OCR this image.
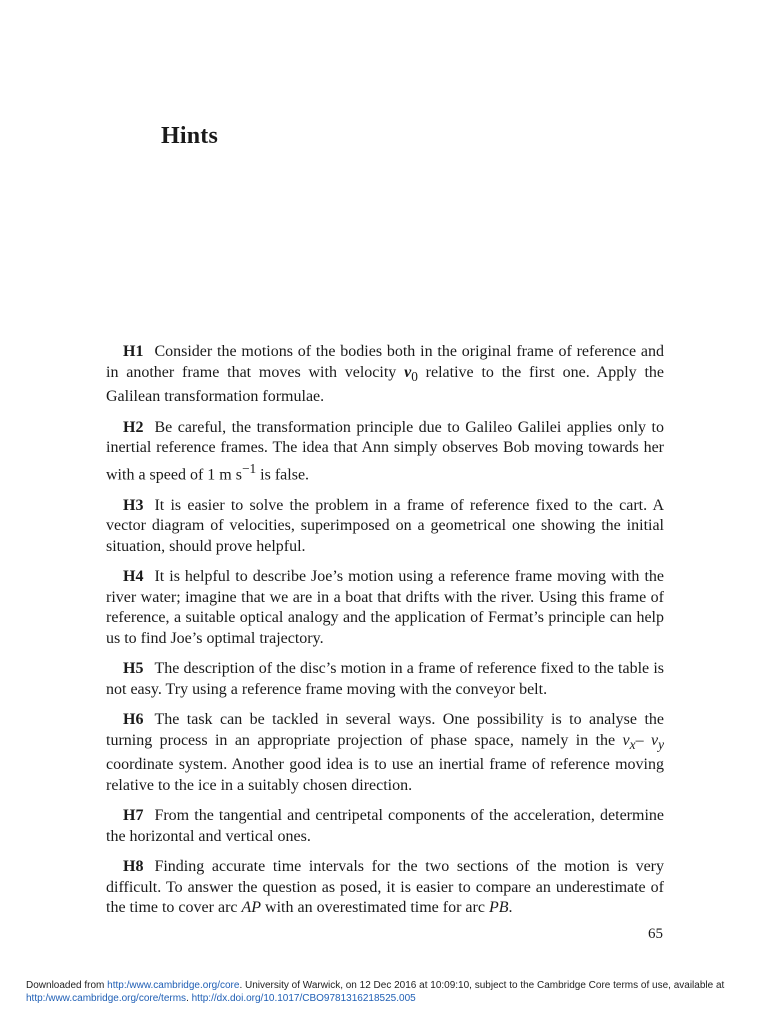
Hints

H1 Consider the motions of the bodies both in the original frame of reference and in another frame that moves with velocity $v_0$ relative to the first one. Apply the Galilean transformation formulae.

H2 Be careful, the transformation principle due to Galileo Galilei applies only to inertial reference frames. The idea that Ann simply observes Bob moving towards her with a speed of 1 m $s^{-1}$ is false.

H3 It is easier to solve the problem in a frame of reference fixed to the cart. A vector diagram of velocities, superimposed on a geometrical one showing the initial situation, should prove helpful.

H4 It is helpful to describe Joe’s motion using a reference frame moving with the river water; imagine that we are in a boat that drifts with the river. Using this frame of reference, a suitable optical analogy and the application of Fermat’s principle can help us to find Joe’s optimal trajectory.

H5 The description of the disc’s motion in a frame of reference fixed to the table is not easy. Try using a reference frame moving with the conveyor belt.

H6 The task can be tackled in several ways. One possibility is to analyse the turning process in an appropriate projection of phase space, namely in the $v_x-$ $v_y$ coordinate system. Another good idea is to use an inertial frame of reference moving relative to the ice in a suitably chosen direction.

H7 From the tangential and centripetal components of the acceleration, determine the horizontal and vertical ones.

H8 Finding accurate time intervals for the two sections of the motion is very difficult. To answer the question as posed, it is easier to compare an underestimate of the time to cover arc AP with an overestimated time for arc PB.

65
Downloaded from http:/www.cambridge.org/core. University of Warwick, on 12 Dec 2016 at 10:09:10, subject to the Cambridge Core terms of use, available at
http:/www.cambridge.org/core/terms. http://dx.doi.org/10.1017/CBO9781316218525.005
